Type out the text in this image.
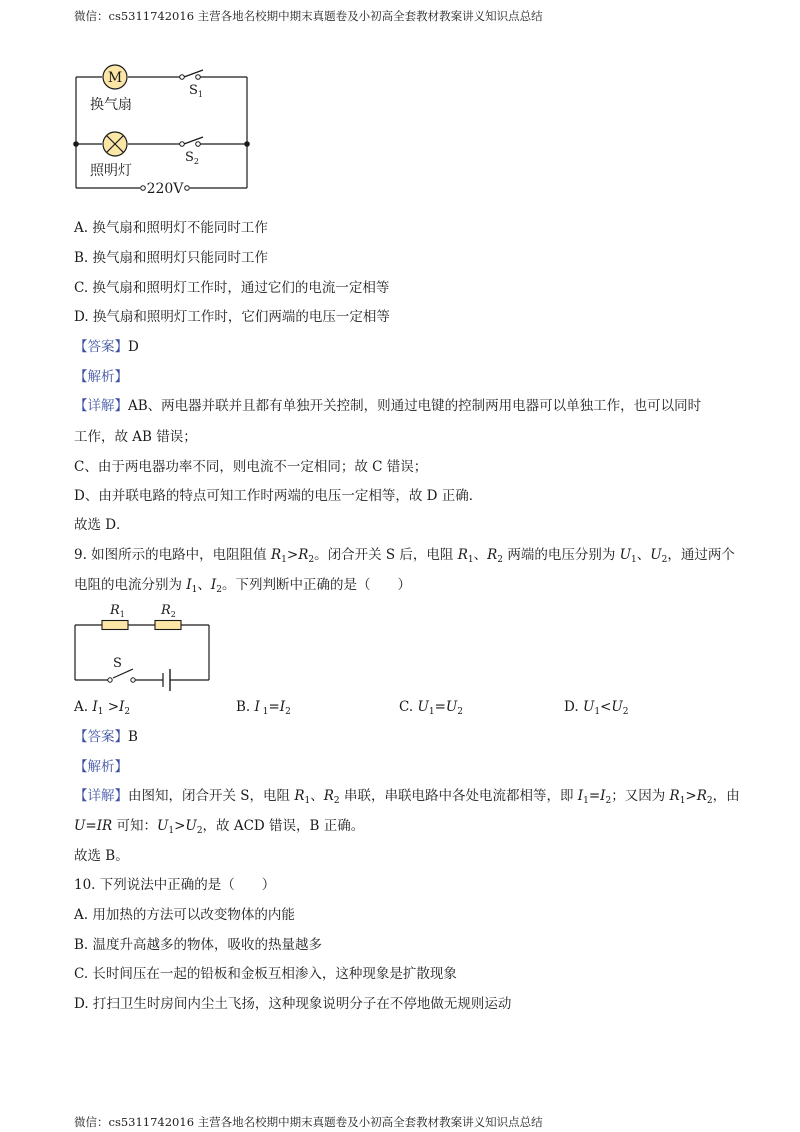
微信：cs5311742016 主营各地名校期中期末真题卷及小初高全套教材教案讲义知识点总结
M
换气扇
照明灯
$S_1$
$S_2$
220V
A. 换气扇和照明灯不能同时工作
B. 换气扇和照明灯只能同时工作
C. 换气扇和照明灯工作时，通过它们的电流一定相等
D. 换气扇和照明灯工作时，它们两端的电压一定相等
【答案】D
【解析】
【详解】AB、两电器并联并且都有单独开关控制，则通过电键的控制两用电器可以单独工作，也可以同时
工作，故 AB 错误；
C、由于两电器功率不同，则电流不一定相同；故 C 错误；
D、由并联电路的特点可知工作时两端的电压一定相等，故 D 正确．
故选 D．
9. 如图所示的电路中，电阻阻值 $R_1>R_2$。闭合开关 S 后，电阻 $R_1$、$R_2$ 两端的电压分别为 $U_1$、$U_2$，通过两个
电阻的电流分别为 $I_1$、$I_2$。下列判断中正确的是（　　）
$R_1$	$R_2$
S
A. $I_1 >I_2$	B. I $_1=I_2$	C. $U_1=U_2$	D. $U_1<U_2$
【答案】B
【解析】
【详解】由图知，闭合开关 S，电阻 $R_1$、$R_2$ 串联，串联电路中各处电流都相等，即 $I_1=I_2$；又因为 $R_1>R_2$，由
U=IR 可知：$U_1>U_2$，故 ACD 错误，B 正确。
故选 B。
10. 下列说法中正确的是（　　）
A. 用加热的方法可以改变物体的内能
B. 温度升高越多的物体，吸收的热量越多
C. 长时间压在一起的铅板和金板互相渗入，这种现象是扩散现象
D. 打扫卫生时房间内尘土飞扬，这种现象说明分子在不停地做无规则运动
微信：cs5311742016 主营各地名校期中期末真题卷及小初高全套教材教案讲义知识点总结
